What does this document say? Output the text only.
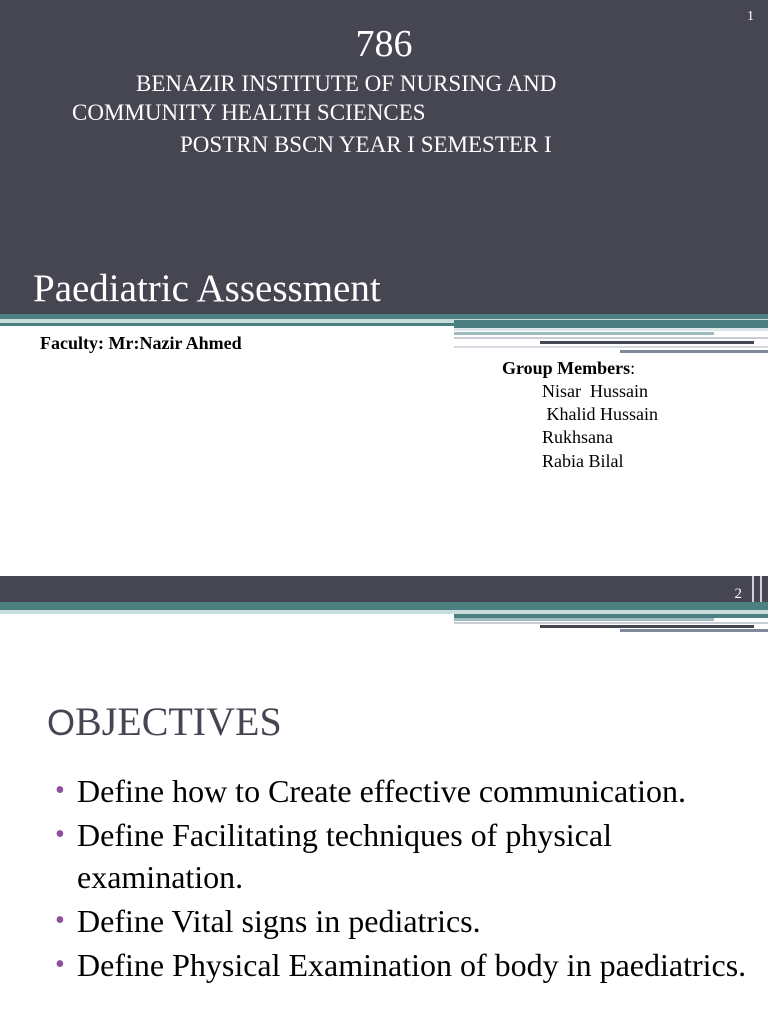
1
786
BENAZIR INSTITUTE OF NURSING AND
COMMUNITY HEALTH SCIENCES
POSTRN BSCN YEAR I SEMESTER I
Paediatric Assessment
Faculty: Mr:Nazir Ahmed
Group Members:
Nisar  Hussain
Khalid Hussain
Rukhsana
Rabia Bilal
2
OBJECTIVES
• Define how to Create effective communication.
• Define Facilitating techniques of physical examination.
• Define Vital signs in pediatrics.
• Define Physical Examination of body in paediatrics.
